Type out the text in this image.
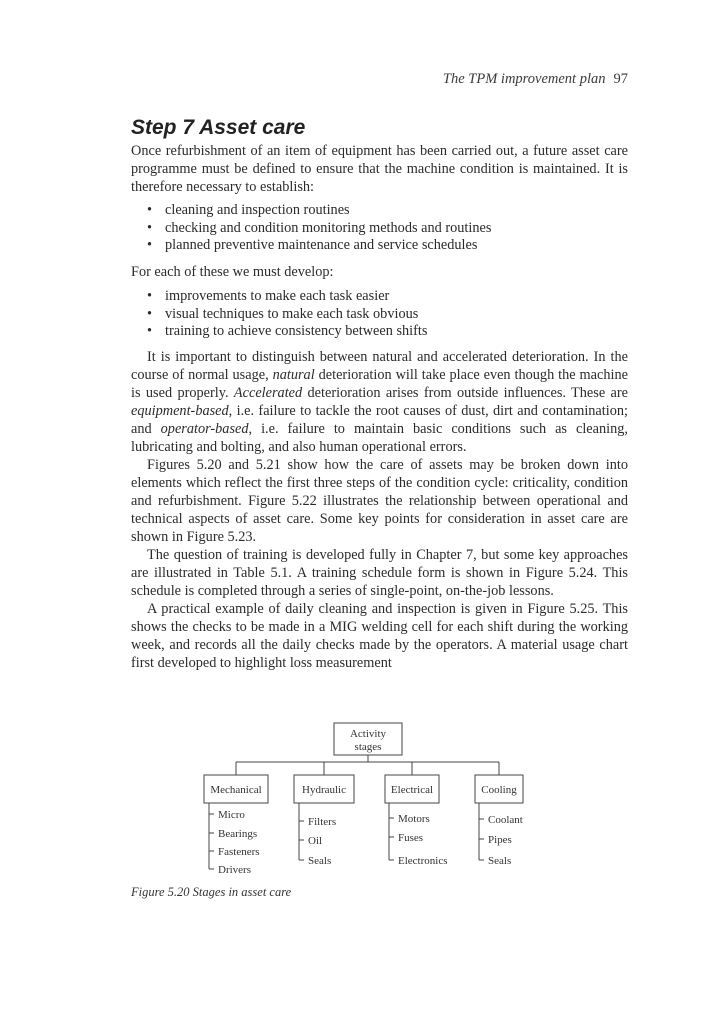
The TPM improvement plan 97
Step 7 Asset care
Once refurbishment of an item of equipment has been carried out, a future asset care programme must be defined to ensure that the machine condition is maintained. It is therefore necessary to establish:
• cleaning and inspection routines
• checking and condition monitoring methods and routines
• planned preventive maintenance and service schedules
For each of these we must develop:
• improvements to make each task easier
• visual techniques to make each task obvious
• training to achieve consistency between shifts

It is important to distinguish between natural and accelerated deterioration. In the course of normal usage, natural deterioration will take place even though the machine is used properly. Accelerated deterioration arises from outside influences. These are equipment-based, i.e. failure to tackle the root causes of dust, dirt and contamination; and operator-based, i.e. failure to maintain basic conditions such as cleaning, lubricating and bolting, and also human operational errors.

Figures 5.20 and 5.21 show how the care of assets may be broken down into elements which reflect the first three steps of the condition cycle: criticality, condition and refurbishment. Figure 5.22 illustrates the relationship between operational and technical aspects of asset care. Some key points for consideration in asset care are shown in Figure 5.23.

The question of training is developed fully in Chapter 7, but some key approaches are illustrated in Table 5.1. A training schedule form is shown in Figure 5.24. This schedule is completed through a series of single-point, on-the-job lessons.

A practical example of daily cleaning and inspection is given in Figure 5.25. This shows the checks to be made in a MIG welding cell for each shift during the working week, and records all the daily checks made by the operators. A material usage chart first developed to highlight loss measurement

Activity
stages
Mechanical	Hydraulic	Electrical	Cooling
Micro
Bearings
Fasteners
Drivers
Filters
Oil
Seals
Motors
Fuses
Electronics
Coolant
Pipes
Seals
Figure 5.20 Stages in asset care
